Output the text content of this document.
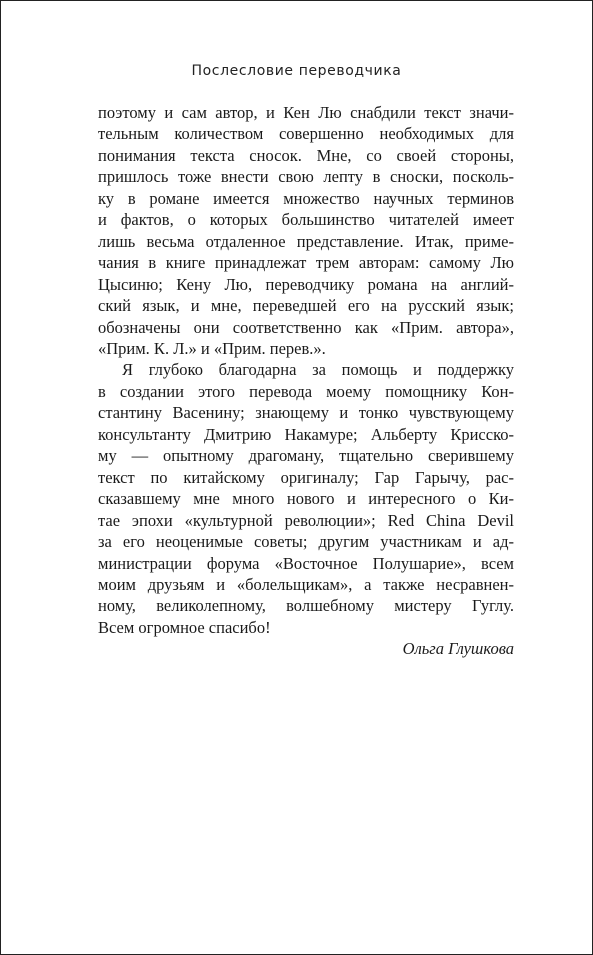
Послесловие переводчика
поэтому и сам автор, и Кен Лю снабдили текст значи-
тельным количеством совершенно необходимых для
понимания текста сносок. Мне, со своей стороны,
пришлось тоже внести свою лепту в сноски, посколь-
ку в романе имеется множество научных терминов
и фактов, о которых большинство читателей имеет
лишь весьма отдаленное представление. Итак, приме-
чания в книге принадлежат трем авторам: самому Лю
Цысиню; Кену Лю, переводчику романа на англий-
ский язык, и мне, переведшей его на русский язык;
обозначены они соответственно как «Прим. автора»,
«Прим. К. Л.» и «Прим. перев.».
Я глубоко благодарна за помощь и поддержку
в создании этого перевода моему помощнику Кон-
стантину Васенину; знающему и тонко чувствующему
консультанту Дмитрию Накамуре; Альберту Крисско-
му — опытному драгоману, тщательно сверившему
текст по китайскому оригиналу; Гар Гарычу, рас-
сказавшему мне много нового и интересного о Ки-
тае эпохи «культурной революции»; Red China Devil
за его неоценимые советы; другим участникам и ад-
министрации форума «Восточное Полушарие», всем
моим друзьям и «болельщикам», а также несравнен-
ному, великолепному, волшебному мистеру Гуглу.
Всем огромное спасибо!
Ольга Глушкова
